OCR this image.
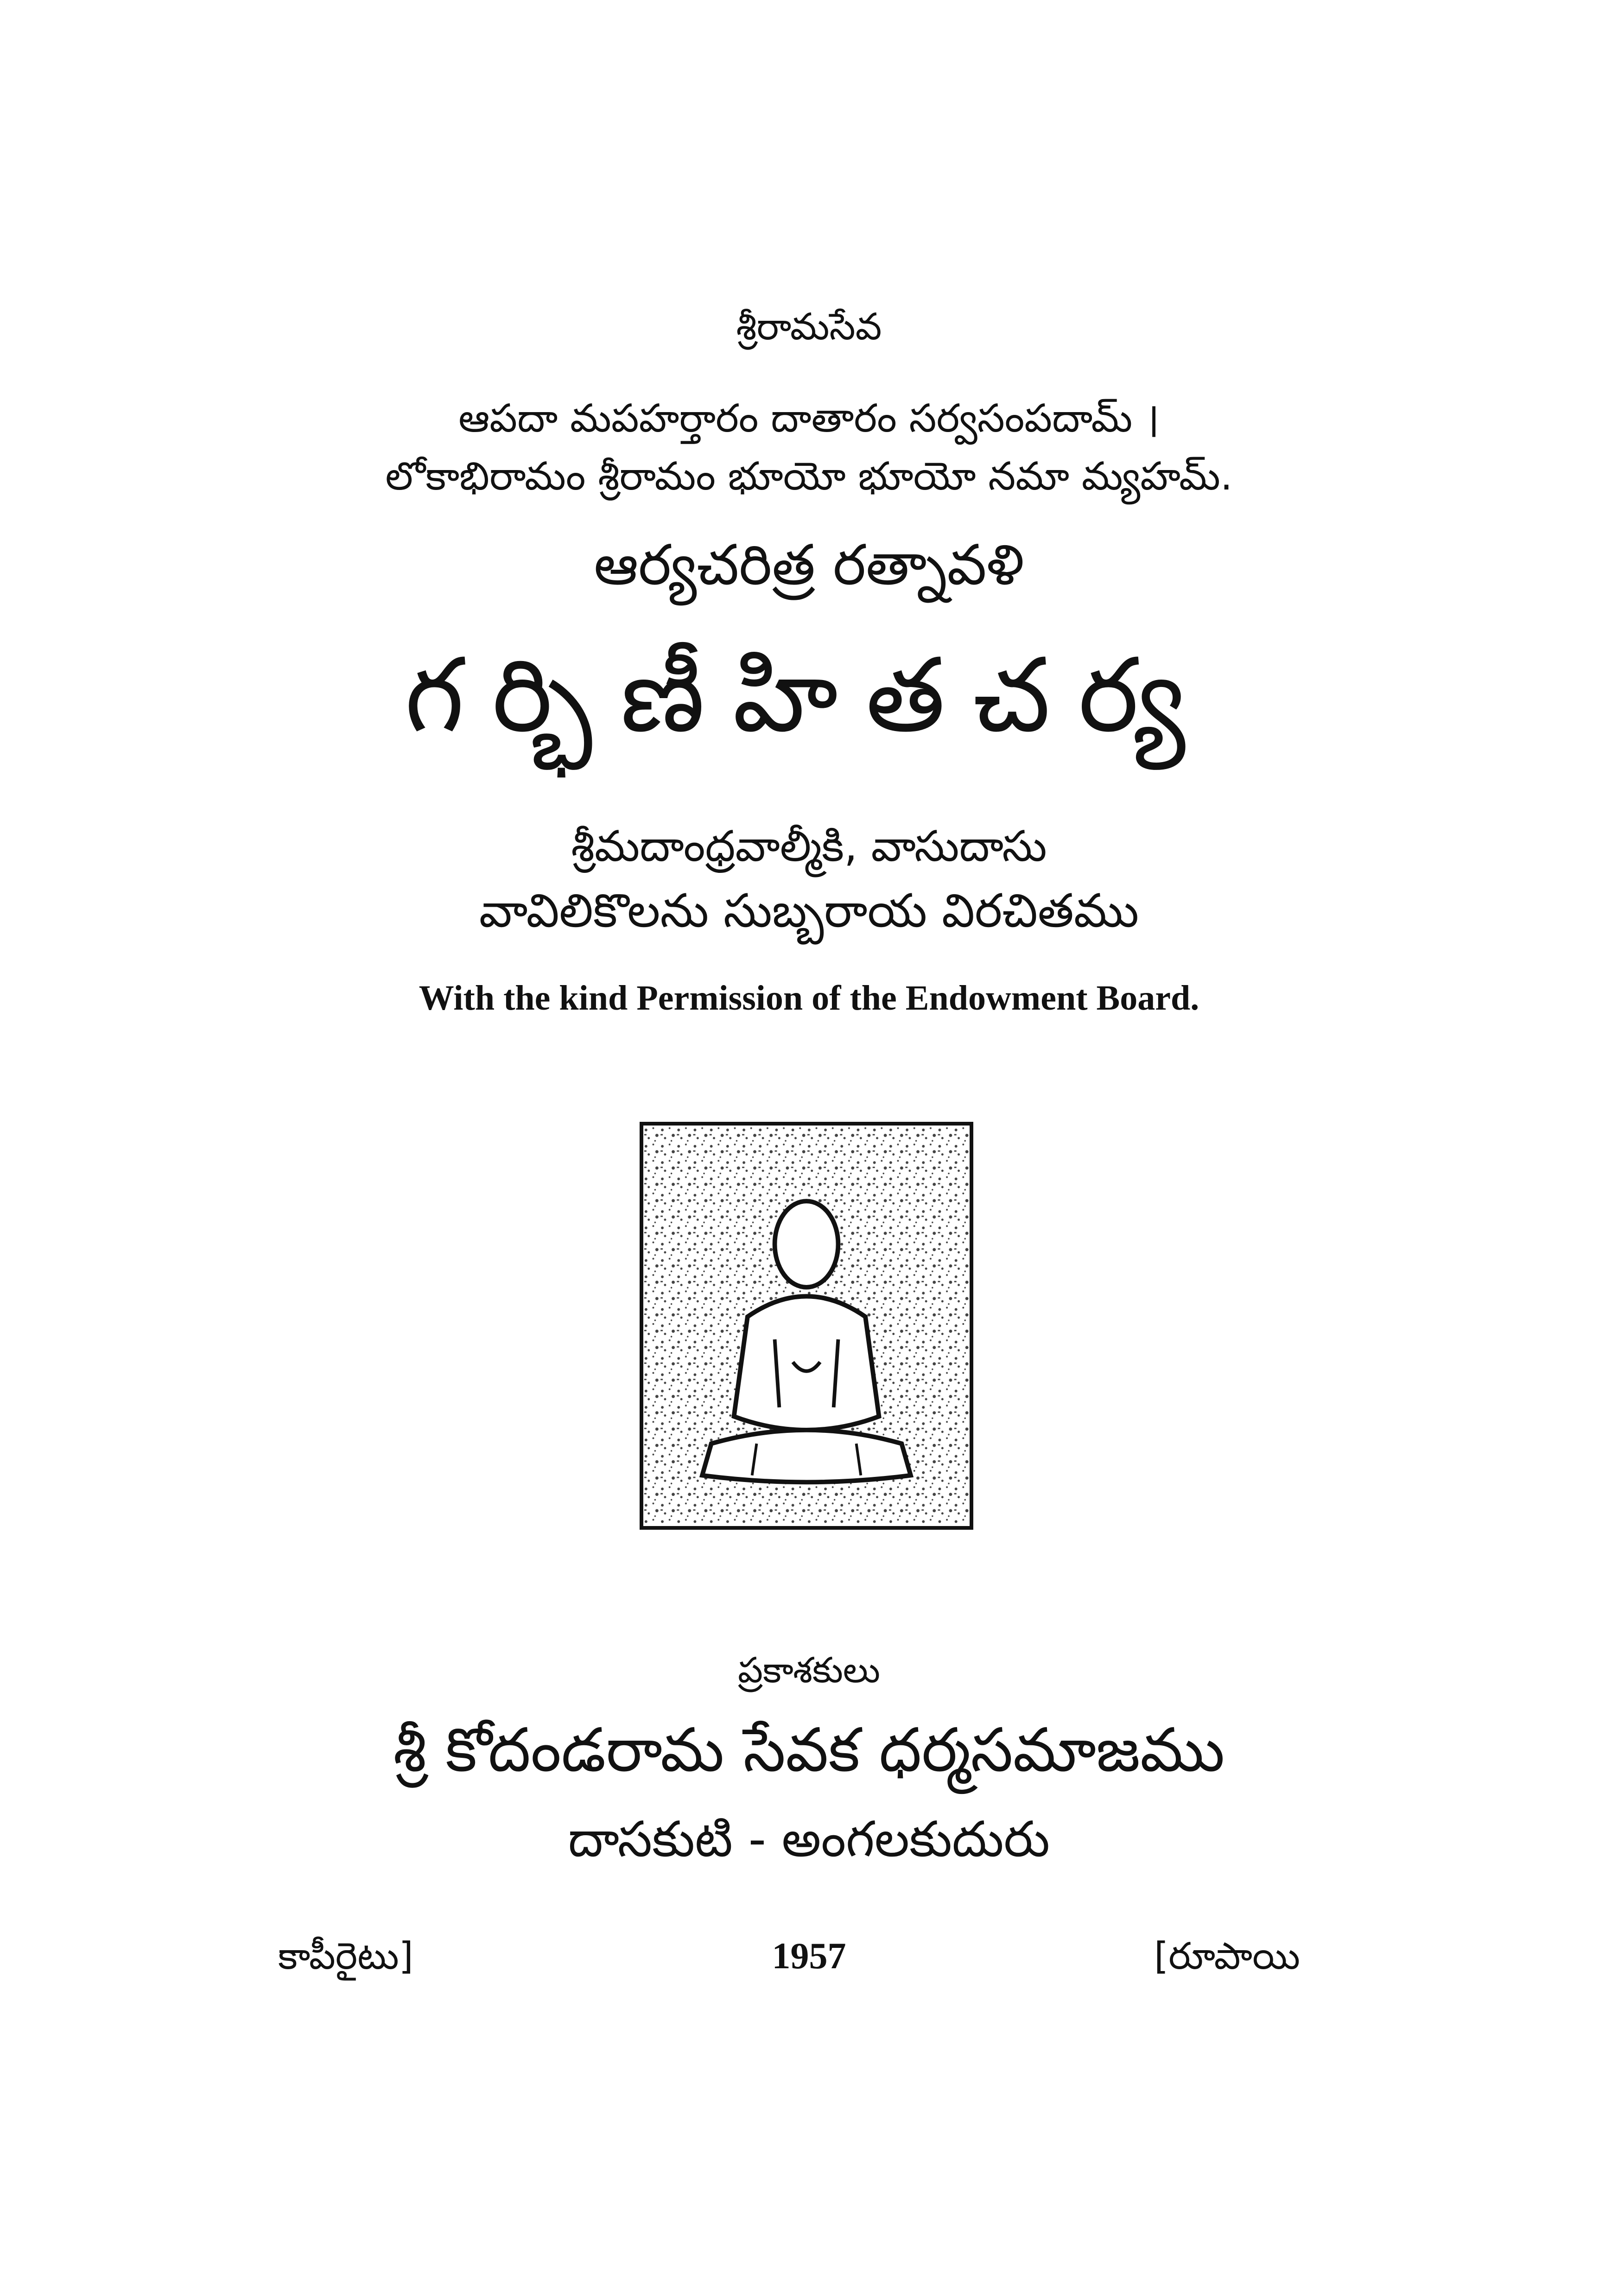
శ్రీరామసేవ
ఆపదా మపహర్తారం దాతారం సర్వసంపదామ్ ।
లోకాభిరామం శ్రీరామం భూయో భూయో నమా మ్యహమ్.
ఆర్యచరిత్ర రత్నావళి
గర్భిణీహితచర్య
శ్రీమదాంధ్రవాల్మీకి, వాసుదాసు
వావిలికొలను సుబ్బరాయ విరచితము
With the kind Permission of the Endowment Board.
ప్రకాశకులు
శ్రీ కోదండరామ సేవక ధర్మసమాజము
దాసకుటి - అంగలకుదురు
కాపీరైటు]	1957	[రూపాయి
